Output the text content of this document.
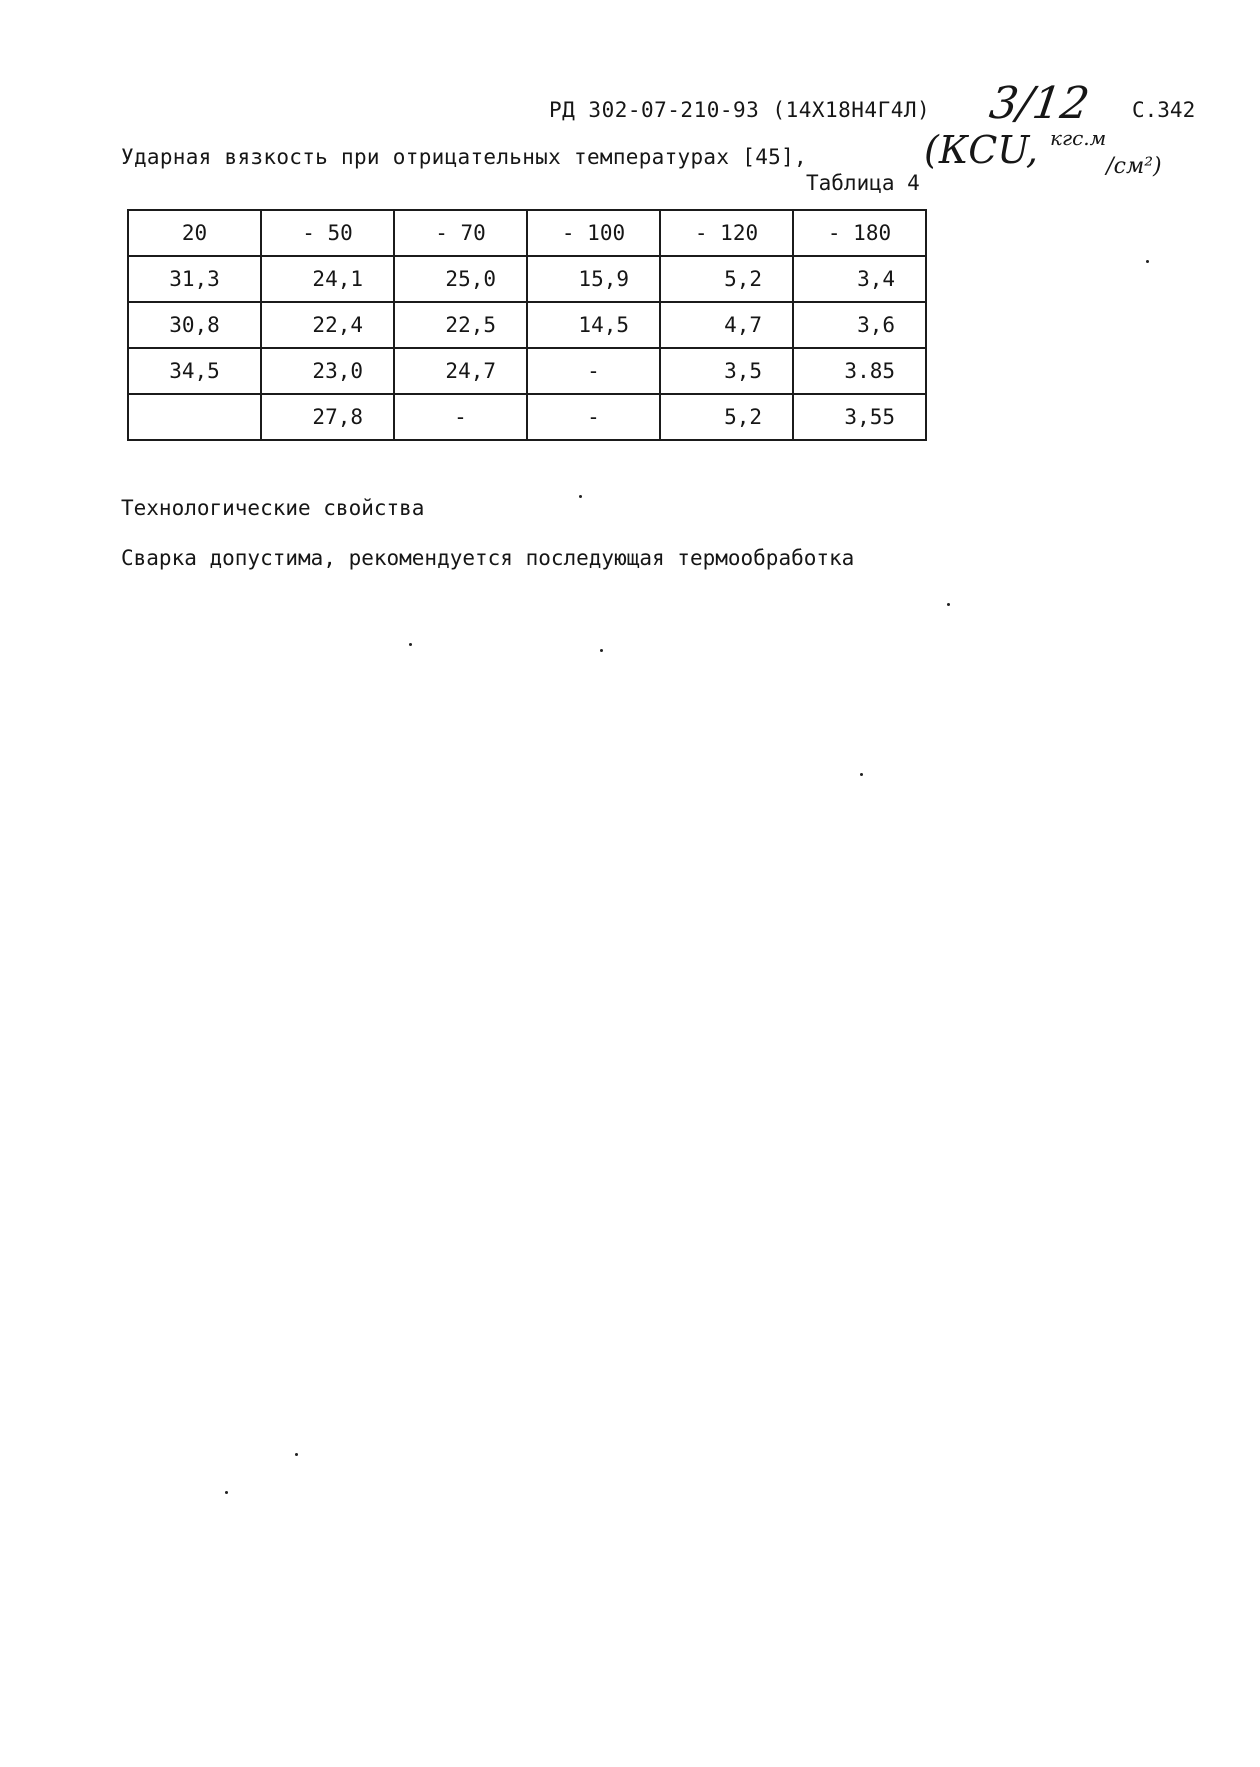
РД 302-07-210-93 (14Х18Н4Г4Л) 3/12 С.342
Ударная вязкость при отрицательных температурах [45],	(КСU, $^{кгс.м}_{/см^2)}$
Таблица 4
20	- 50	- 70	- 100	- 120	- 180
31,3	24,1	25,0	15,9	5,2	3,4
30,8	22,4	22,5	14,5	4,7	3,6
34,5	23,0	24,7	-	3,5	3.85
	27,8	-	-	5,2	3,55
Технологические свойства
Сварка допустима, рекомендуется последующая термообработка
